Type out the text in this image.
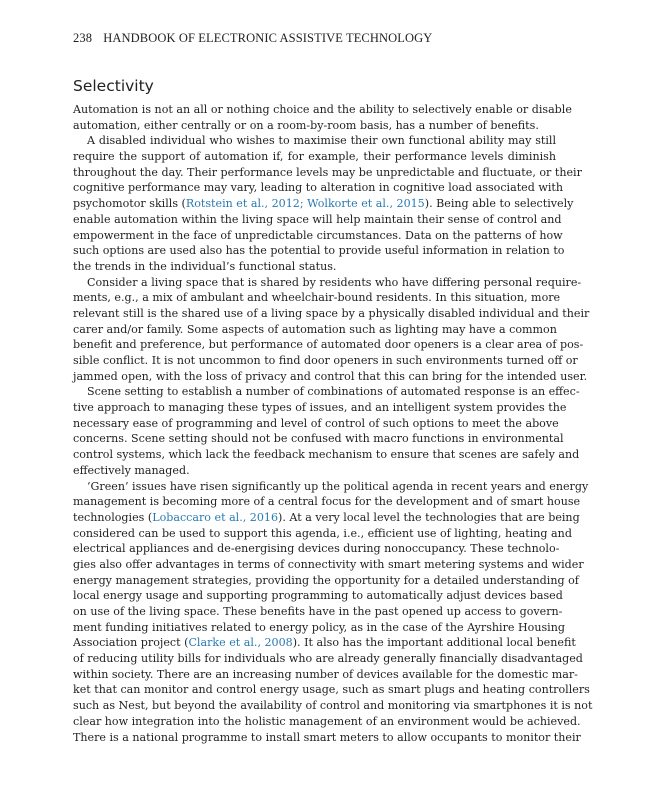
238 HANDBOOK OF ELECTRONIC ASSISTIVE TECHNOLOGY
Selectivity
Automation is not an all or nothing choice and the ability to selectively enable or disable
automation, either centrally or on a room-by-room basis, has a number of benefits.
A disabled individual who wishes to maximise their own functional ability may still
require the support of automation if, for example, their performance levels diminish
throughout the day. Their performance levels may be unpredictable and fluctuate, or their
cognitive performance may vary, leading to alteration in cognitive load associated with
psychomotor skills (Rotstein et al., 2012; Wolkorte et al., 2015). Being able to selectively
enable automation within the living space will help maintain their sense of control and
empowerment in the face of unpredictable circumstances. Data on the patterns of how
such options are used also has the potential to provide useful information in relation to
the trends in the individual’s functional status.
Consider a living space that is shared by residents who have differing personal require-
ments, e.g., a mix of ambulant and wheelchair-bound residents. In this situation, more
relevant still is the shared use of a living space by a physically disabled individual and their
carer and/or family. Some aspects of automation such as lighting may have a common
benefit and preference, but performance of automated door openers is a clear area of pos-
sible conflict. It is not uncommon to find door openers in such environments turned off or
jammed open, with the loss of privacy and control that this can bring for the intended user.
Scene setting to establish a number of combinations of automated response is an effec-
tive approach to managing these types of issues, and an intelligent system provides the
necessary ease of programming and level of control of such options to meet the above
concerns. Scene setting should not be confused with macro functions in environmental
control systems, which lack the feedback mechanism to ensure that scenes are safely and
effectively managed.
‘Green’ issues have risen significantly up the political agenda in recent years and energy
management is becoming more of a central focus for the development and of smart house
technologies (Lobaccaro et al., 2016). At a very local level the technologies that are being
considered can be used to support this agenda, i.e., efficient use of lighting, heating and
electrical appliances and de-energising devices during nonoccupancy. These technolo-
gies also offer advantages in terms of connectivity with smart metering systems and wider
energy management strategies, providing the opportunity for a detailed understanding of
local energy usage and supporting programming to automatically adjust devices based
on use of the living space. These benefits have in the past opened up access to govern-
ment funding initiatives related to energy policy, as in the case of the Ayrshire Housing
Association project (Clarke et al., 2008). It also has the important additional local benefit
of reducing utility bills for individuals who are already generally financially disadvantaged
within society. There are an increasing number of devices available for the domestic mar-
ket that can monitor and control energy usage, such as smart plugs and heating controllers
such as Nest, but beyond the availability of control and monitoring via smartphones it is not
clear how integration into the holistic management of an environment would be achieved.
There is a national programme to install smart meters to allow occupants to monitor their
